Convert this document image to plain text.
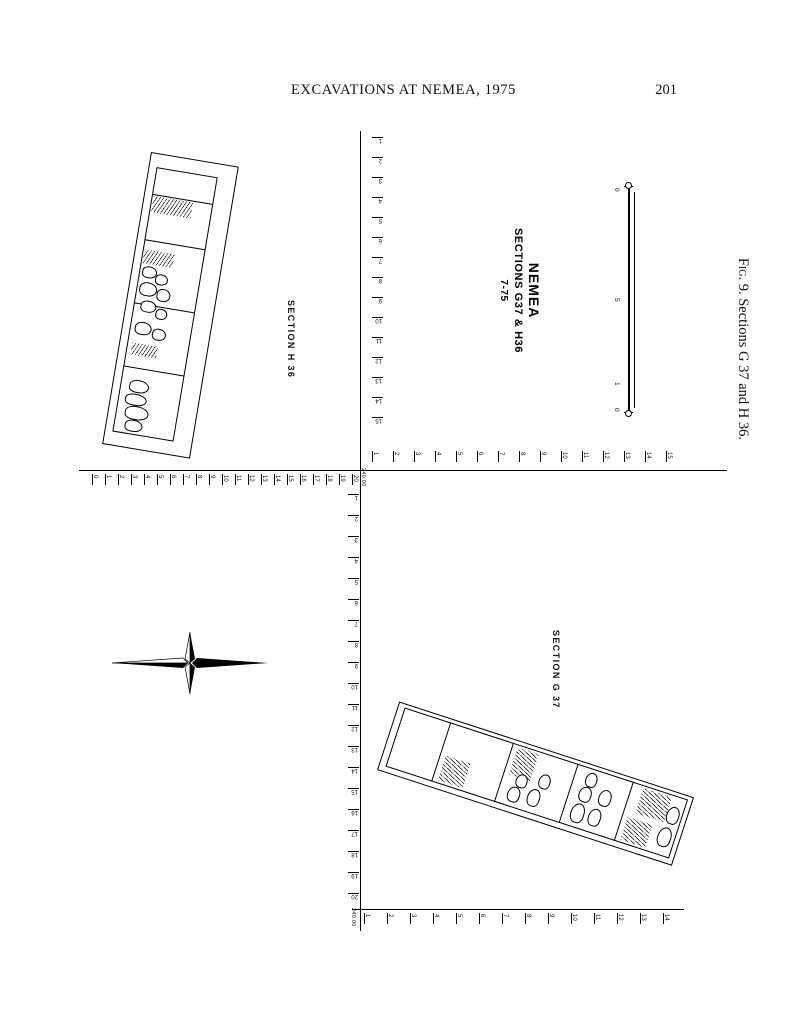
EXCAVATIONS AT NEMEA, 1975	201
Fig. 9. Sections G 37 and H 36.
1
2
3
4
5
6
7
8
9
10
11
12
13
14
15
0 1 2 3 4 5 6 7 8 9 10 11 12 13 14 15 16 17 18 19 20
1	2	3	4	5	6	7	8	9	10	11	12	13	14	15
1
2
3
4
5
6
7
8
9
10
11
12
13
14
15
16
17
18
19
20
1	2	3	4	5	6	7	8	9	10	11	12	13	14
240.00
240.00
SECTION H 36
SECTION G 37
NEMEA
SECTIONS G37 & H36
7-75
0
5
1
0
